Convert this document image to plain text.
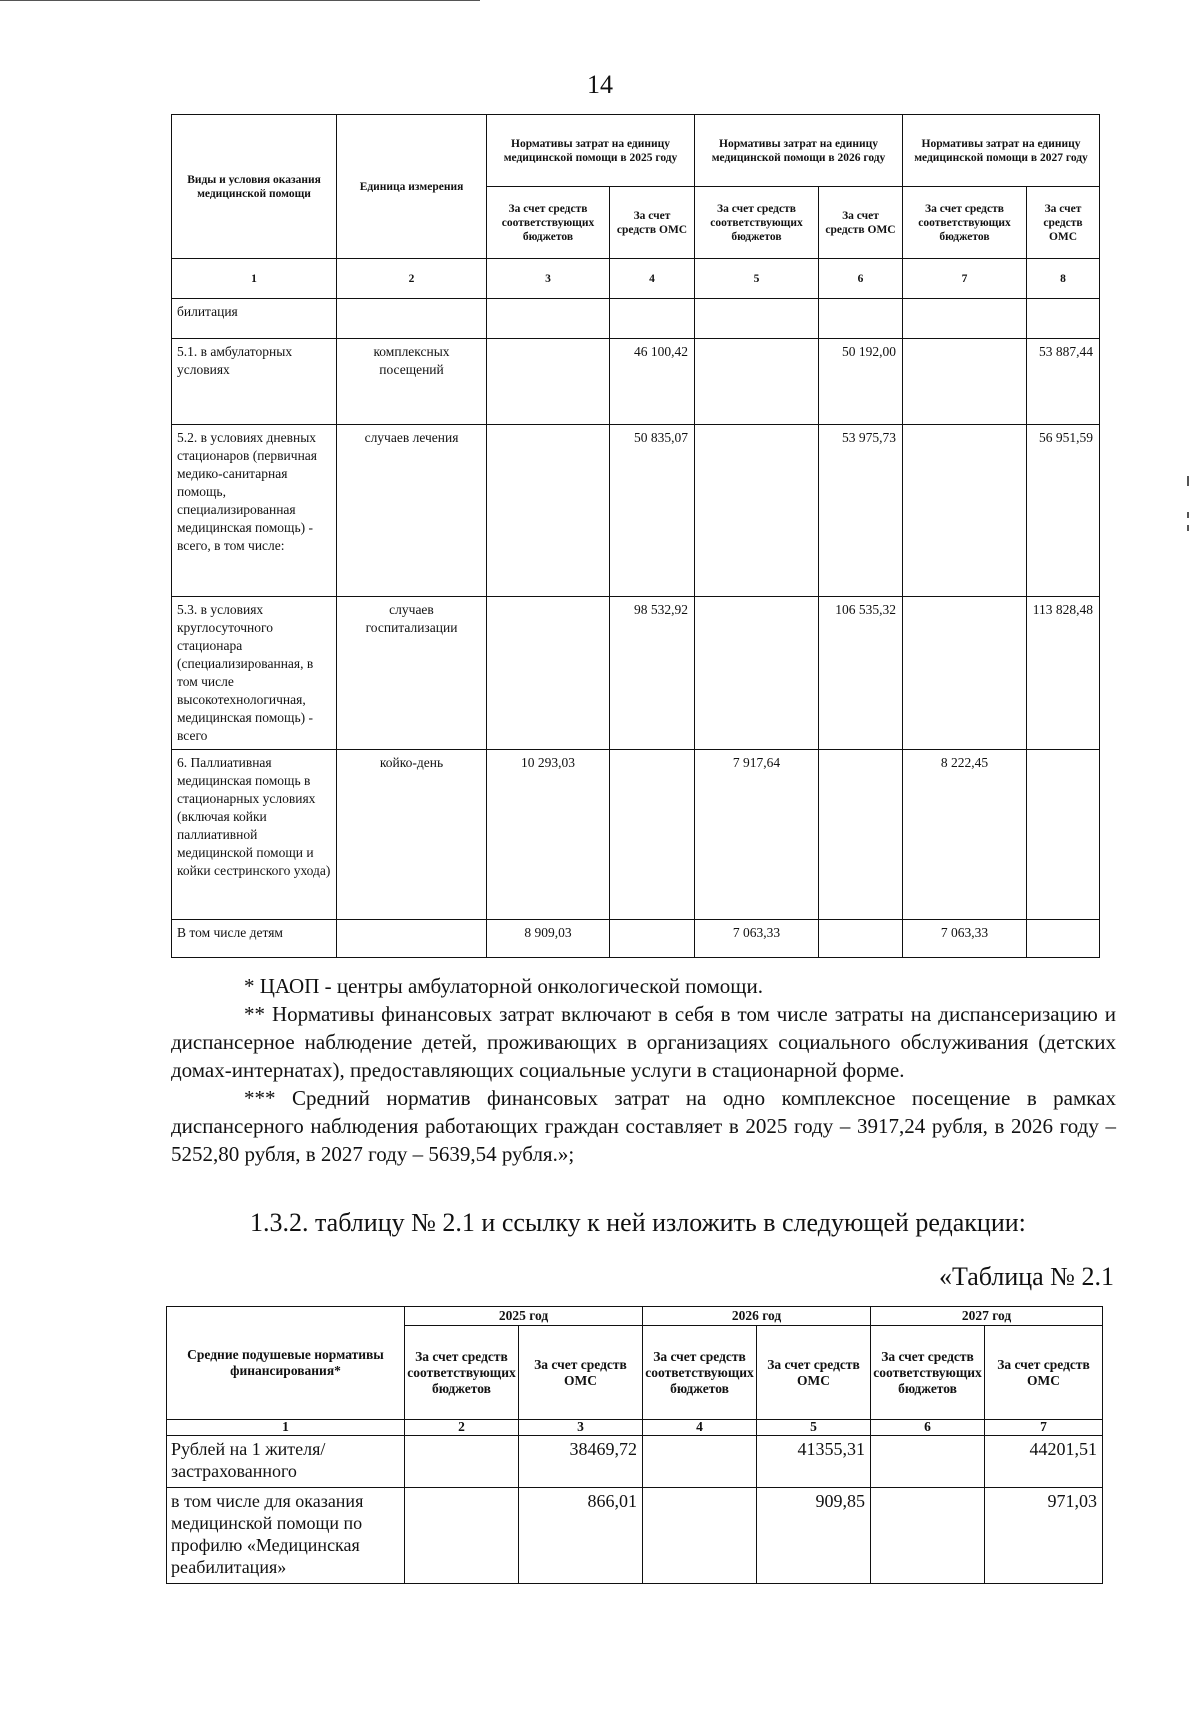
14
Виды и условия оказания медицинской помощи	Единица измерения	Нормативы затрат на единицу медицинской помощи в 2025 году		Нормативы затрат на единицу медицинской помощи в 2026 году		Нормативы затрат на единицу медицинской помощи в 2027 году	
		За счет средств соответствующих бюджетов	За счет средств ОМС	За счет средств соответствующих бюджетов	За счет средств ОМС	За счет средств соответствующих бюджетов	За счет средств ОМС
1	2	3	4	5	6	7	8
билитация							
5.1. в амбулаторных условиях	комплексных посещений		46 100,42		50 192,00		53 887,44
5.2. в условиях дневных стационаров (первичная медико-санитарная помощь, специализированная медицинская помощь) - всего, в том числе:	случаев лечения		50 835,07		53 975,73		56 951,59
5.3. в условиях круглосуточного стационара (специализированная, в том числе высокотехнологичная, медицинская помощь) - всего	случаев госпитализации		98 532,92		106 535,32		113 828,48
6. Паллиативная медицинская помощь в стационарных условиях (включая койки паллиативной медицинской помощи и койки сестринского ухода)	койко-день	10 293,03		7 917,64		8 222,45	
В том числе детям		8 909,03		7 063,33		7 063,33	

* ЦАОП - центры амбулаторной онкологической помощи.

** Нормативы финансовых затрат включают в себя в том числе затраты на диспансеризацию и диспансерное наблюдение детей, проживающих в организациях социального обслуживания (детских домах-интернатах), предоставляющих социальные услуги в стационарной форме.

*** Средний норматив финансовых затрат на одно комплексное посещение в рамках диспансерного наблюдения работающих граждан составляет в 2025 году – 3917,24 рубля, в 2026 году – 5252,80 рубля, в 2027 году – 5639,54 рубля.»;

1.3.2. таблицу № 2.1 и ссылку к ней изложить в следующей редакции:
«Таблица № 2.1
Средние подушевые нормативы финансирования*	2025 год		2026 год		2027 год	
	За счет средств соответствующих бюджетов	За счет средств ОМС	За счет средств соответствующих бюджетов	За счет средств ОМС	За счет средств соответствующих бюджетов	За счет средств ОМС
1	2	3	4	5	6	7
Рублей на 1 жителя/застрахованного		38469,72		41355,31		44201,51
в том числе для оказания медицинской помощи по профилю «Медицинская реабилитация»		866,01		909,85		971,03
